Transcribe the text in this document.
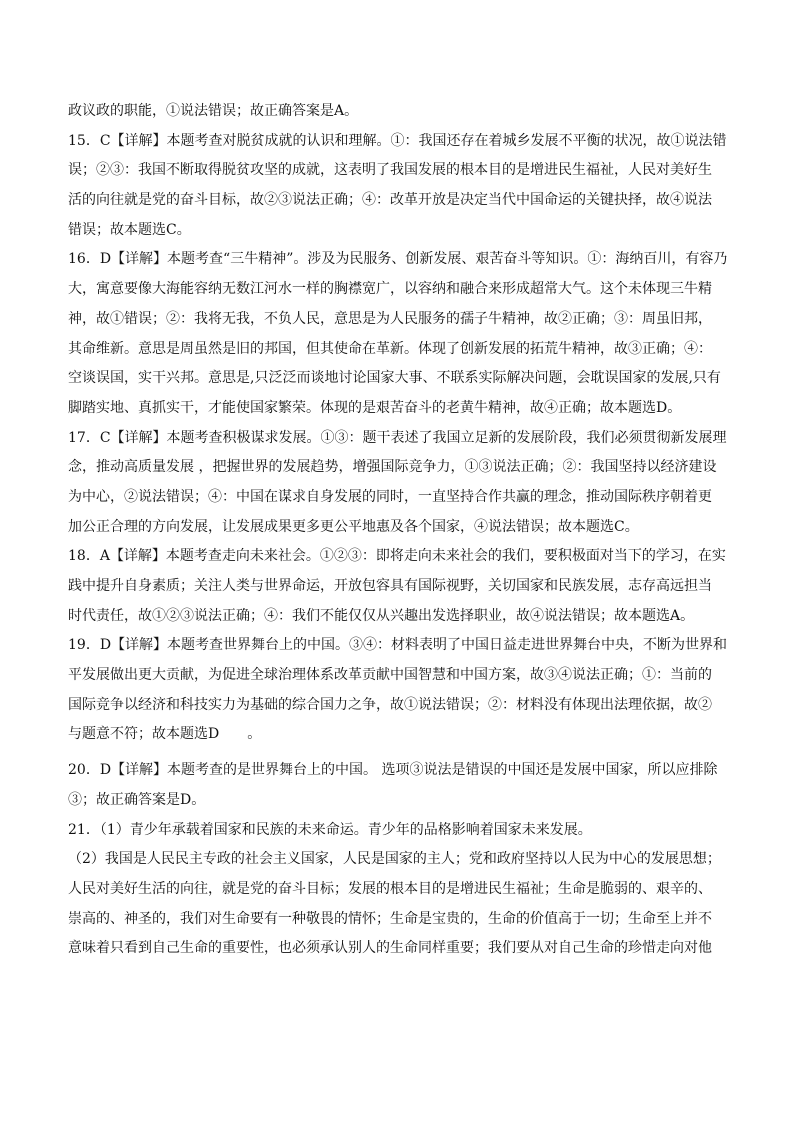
政议政的职能，①说法错误；故正确答案是A。
15．C【详解】本题考查对脱贫成就的认识和理解。①：我国还存在着城乡发展不平衡的状况，故①说法错
误；②③：我国不断取得脱贫攻坚的成就，这表明了我国发展的根本目的是增进民生福祉，人民对美好生
活的向往就是党的奋斗目标，故②③说法正确；④：改革开放是决定当代中国命运的关键抉择，故④说法
错误；故本题选C。
16．D【详解】本题考查“三牛精神”。涉及为民服务、创新发展、艰苦奋斗等知识。①：海纳百川，有容乃
大，寓意要像大海能容纳无数江河水一样的胸襟宽广，以容纳和融合来形成超常大气。这个未体现三牛精
神，故①错误；②：我将无我，不负人民，意思是为人民服务的孺子牛精神，故②正确；③：周虽旧邦，
其命维新。意思是周虽然是旧的邦国，但其使命在革新。体现了创新发展的拓荒牛精神，故③正确；④：
空谈误国，实干兴邦。意思是,只泛泛而谈地讨论国家大事、不联系实际解决问题，会耽误国家的发展,只有
脚踏实地、真抓实干，才能使国家繁荣。体现的是艰苦奋斗的老黄牛精神，故④正确；故本题选D。
17．C【详解】本题考查积极谋求发展。①③：题干表述了我国立足新的发展阶段，我们必须贯彻新发展理
念，推动高质量发展 ，把握世界的发展趋势，增强国际竞争力，①③说法正确；②：我国坚持以经济建设
为中心，②说法错误；④：中国在谋求自身发展的同时，一直坚持合作共赢的理念，推动国际秩序朝着更
加公正合理的方向发展，让发展成果更多更公平地惠及各个国家，④说法错误；故本题选C。
18．A【详解】本题考查走向未来社会。①②③：即将走向未来社会的我们，要积极面对当下的学习，在实
践中提升自身素质；关注人类与世界命运，开放包容具有国际视野，关切国家和民族发展，志存高远担当
时代责任，故①②③说法正确；④：我们不能仅仅从兴趣出发选择职业，故④说法错误；故本题选A。
19．D【详解】本题考查世界舞台上的中国。③④：材料表明了中国日益走进世界舞台中央，不断为世界和
平发展做出更大贡献，为促进全球治理体系改革贡献中国智慧和中国方案，故③④说法正确；①：当前的
国际竞争以经济和科技实力为基础的综合国力之争，故①说法错误；②：材料没有体现出法理依据，故②
与题意不符；故本题选D　　。
20．D【详解】本题考查的是世界舞台上的中国。 选项③说法是错误的中国还是发展中国家，所以应排除
③；故正确答案是D。
21．（1）青少年承载着国家和民族的未来命运。青少年的品格影响着国家未来发展。
（2）我国是人民民主专政的社会主义国家，人民是国家的主人；党和政府坚持以人民为中心的发展思想；
人民对美好生活的向往，就是党的奋斗目标；发展的根本目的是增进民生福祉；生命是脆弱的、艰辛的、
崇高的、神圣的，我们对生命要有一种敬畏的情怀；生命是宝贵的，生命的价值高于一切；生命至上并不
意味着只看到自己生命的重要性，也必须承认别人的生命同样重要；我们要从对自己生命的珍惜走向对他
